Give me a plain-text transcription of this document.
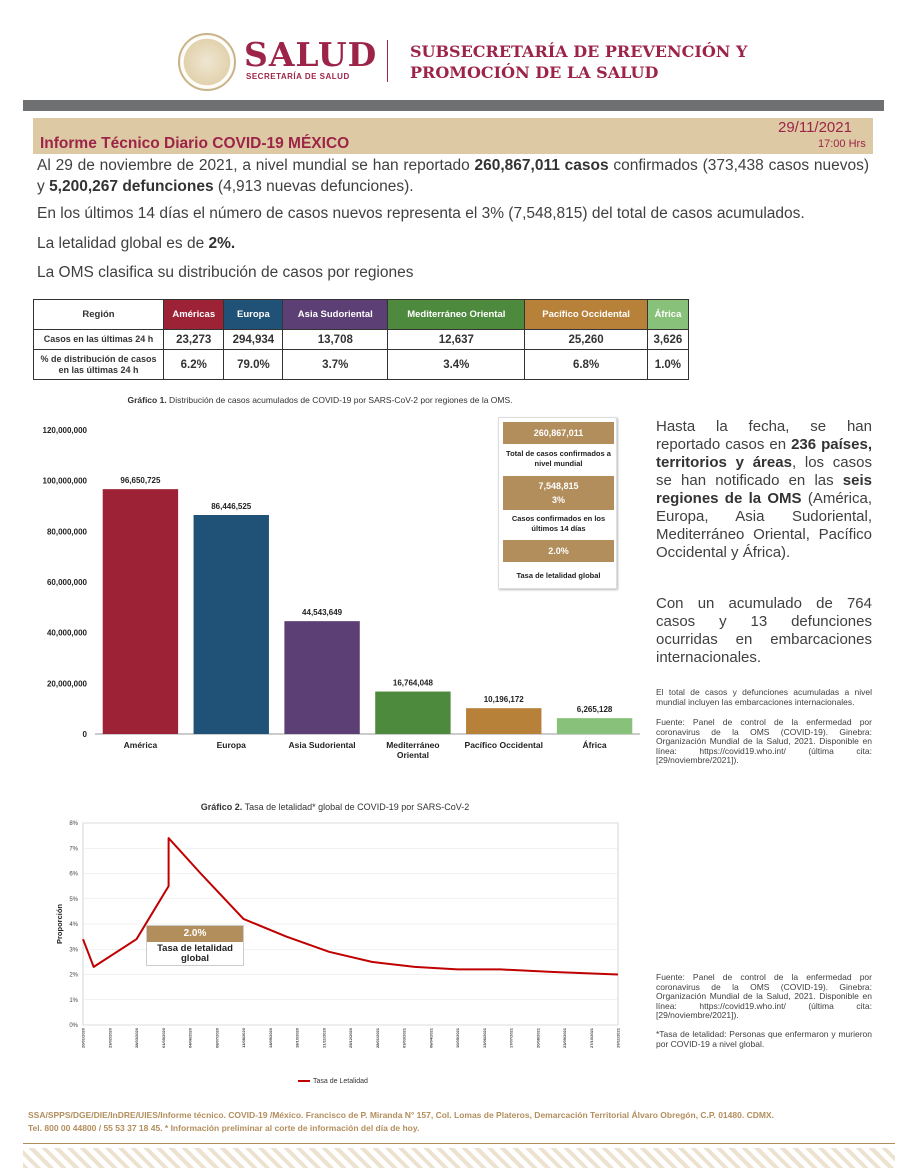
SALUD
SECRETARÍA DE SALUD
SUBSECRETARÍA DE PREVENCIÓN Y
PROMOCIÓN DE LA SALUD
Informe Técnico Diario COVID-19 MÉXICO
29/11/2021
17:00 Hrs
Al 29 de noviembre de 2021, a nivel mundial se han reportado 260,867,011 casos confirmados (373,438 casos nuevos) y 5,200,267 defunciones (4,913 nuevas defunciones).
En los últimos 14 días el número de casos nuevos representa el 3% (7,548,815) del total de casos acumulados.
La letalidad global es de 2%.
La OMS clasifica su distribución de casos por regiones
Región	Américas	Europa	Asia Sudoriental	Mediterráneo Oriental	Pacífico Occidental	África
Casos en las últimas 24 h	23,273	294,934	13,708	12,637	25,260	3,626
% de distribución de casos en las últimas 24 h	6.2%	79.0%	3.7%	3.4%	6.8%	1.0%
Gráfico 1. Distribución de casos acumulados de COVID-19 por SARS-CoV-2 por regiones de la OMS.
0
20,000,000
40,000,000
60,000,000
80,000,000
100,000,000
120,000,000
96,650,725
América
86,446,525
Europa
44,543,649
Asia Sudoriental
16,764,048
Mediterráneo
Oriental
10,196,172
Pacífico Occidental
6,265,128
África
260,867,011
Total de casos confirmados a nivel mundial
7,548,815
3%
Casos confirmados en los últimos 14 días
2.0%
Tasa de letalidad global
Hasta la fecha, se han reportado casos en 236 países, territorios y áreas, los casos se han notificado en las seis regiones de la OMS (América, Europa, Asia Sudoriental, Mediterráneo Oriental, Pacífico Occidental y África).
Con un acumulado de 764 casos y 13 defunciones ocurridas en embarcaciones internacionales.
El total de casos y defunciones acumuladas a nivel mundial incluyen las embarcaciones internacionales.
Fuente: Panel de control de la enfermedad por coronavirus de la OMS (COVID-19). Ginebra: Organización Mundial de la Salud, 2021. Disponible en línea: https://covid19.who.int/ (última cita: [29/noviembre/2021]).
Fuente: Panel de control de la enfermedad por coronavirus de la OMS (COVID-19). Ginebra: Organización Mundial de la Salud, 2021. Disponible en línea: https://covid19.who.int/ (última cita: [29/noviembre/2021]).
*Tasa de letalidad: Personas que enfermaron y murieron por COVID-19 a nivel global.
Gráfico 2. Tasa de letalidad* global de COVID-19 por SARS-CoV-2
0%
1%
2%
3%
4%
5%
6%
7%
8%
Proporción
20/01/2020	23/02/2020	28/03/2020	01/05/2020	04/06/2020	08/07/2020	11/08/2020	14/09/2020	18/10/2020	21/11/2020	25/12/2020	28/01/2021	03/03/2021	06/04/2021	10/05/2021	13/06/2021	17/07/2021	20/08/2021	23/09/2021	27/10/2021	29/11/2021
Tasa de Letalidad
2.0%
Tasa de letalidad global
SSA/SPPS/DGE/DIE/InDRE/UIES/Informe técnico. COVID-19 /México. Francisco de P. Miranda N° 157, Col. Lomas de Plateros, Demarcación Territorial Álvaro Obregón, C.P. 01480. CDMX.
Tel. 800 00 44800 / 55 53 37 18 45. * Información preliminar al corte de información del día de hoy.
